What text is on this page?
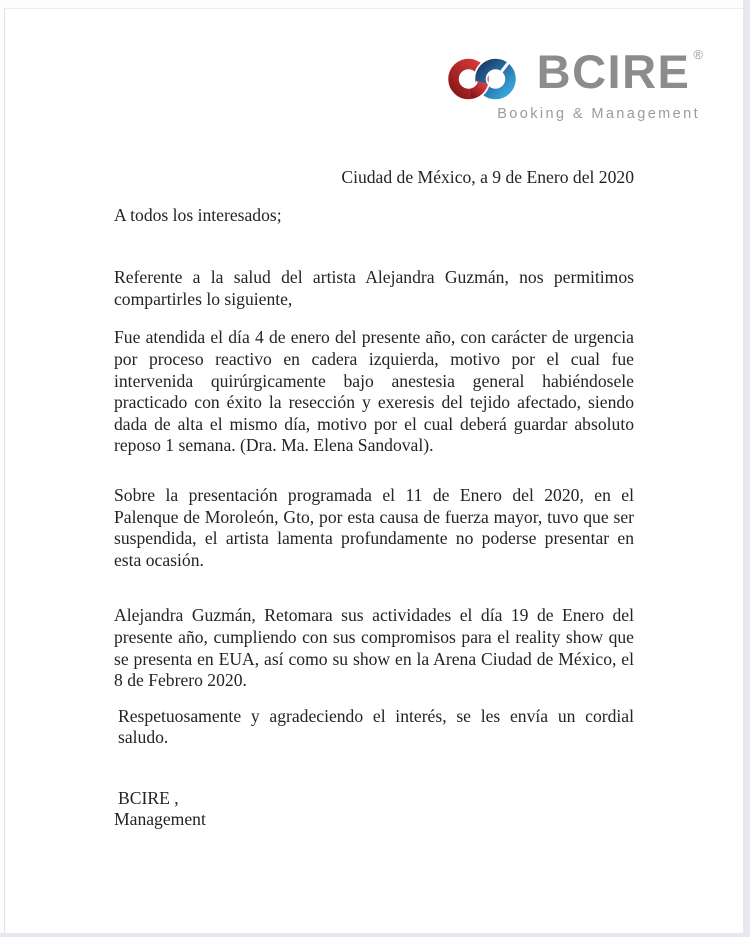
BCIRE ®
Booking & Management

Ciudad de México, a 9 de Enero del 2020

A todos los interesados;

Referente a la salud del artista Alejandra Guzmán, nos permitimos compartirles lo siguiente,

Fue atendida el día 4 de enero del presente año, con carácter de urgencia por proceso reactivo en cadera izquierda, motivo por el cual fue intervenida quirúrgicamente bajo anestesia general habiéndosele practicado con éxito la resección y exeresis del tejido afectado, siendo dada de alta el mismo día, motivo por el cual deberá guardar absoluto reposo 1 semana. (Dra. Ma. Elena Sandoval).

Sobre la presentación programada el 11 de Enero del 2020, en el Palenque de Moroleón, Gto, por esta causa de fuerza mayor, tuvo que ser suspendida, el artista lamenta profundamente no poderse presentar en esta ocasión.

Alejandra Guzmán, Retomara sus actividades el día 19 de Enero del presente año, cumpliendo con sus compromisos para el reality show que se presenta en EUA, así como su show en la Arena Ciudad de México, el 8 de Febrero 2020.

Respetuosamente y agradeciendo el interés, se les envía un cordial saludo.

BCIRE ,

Management
